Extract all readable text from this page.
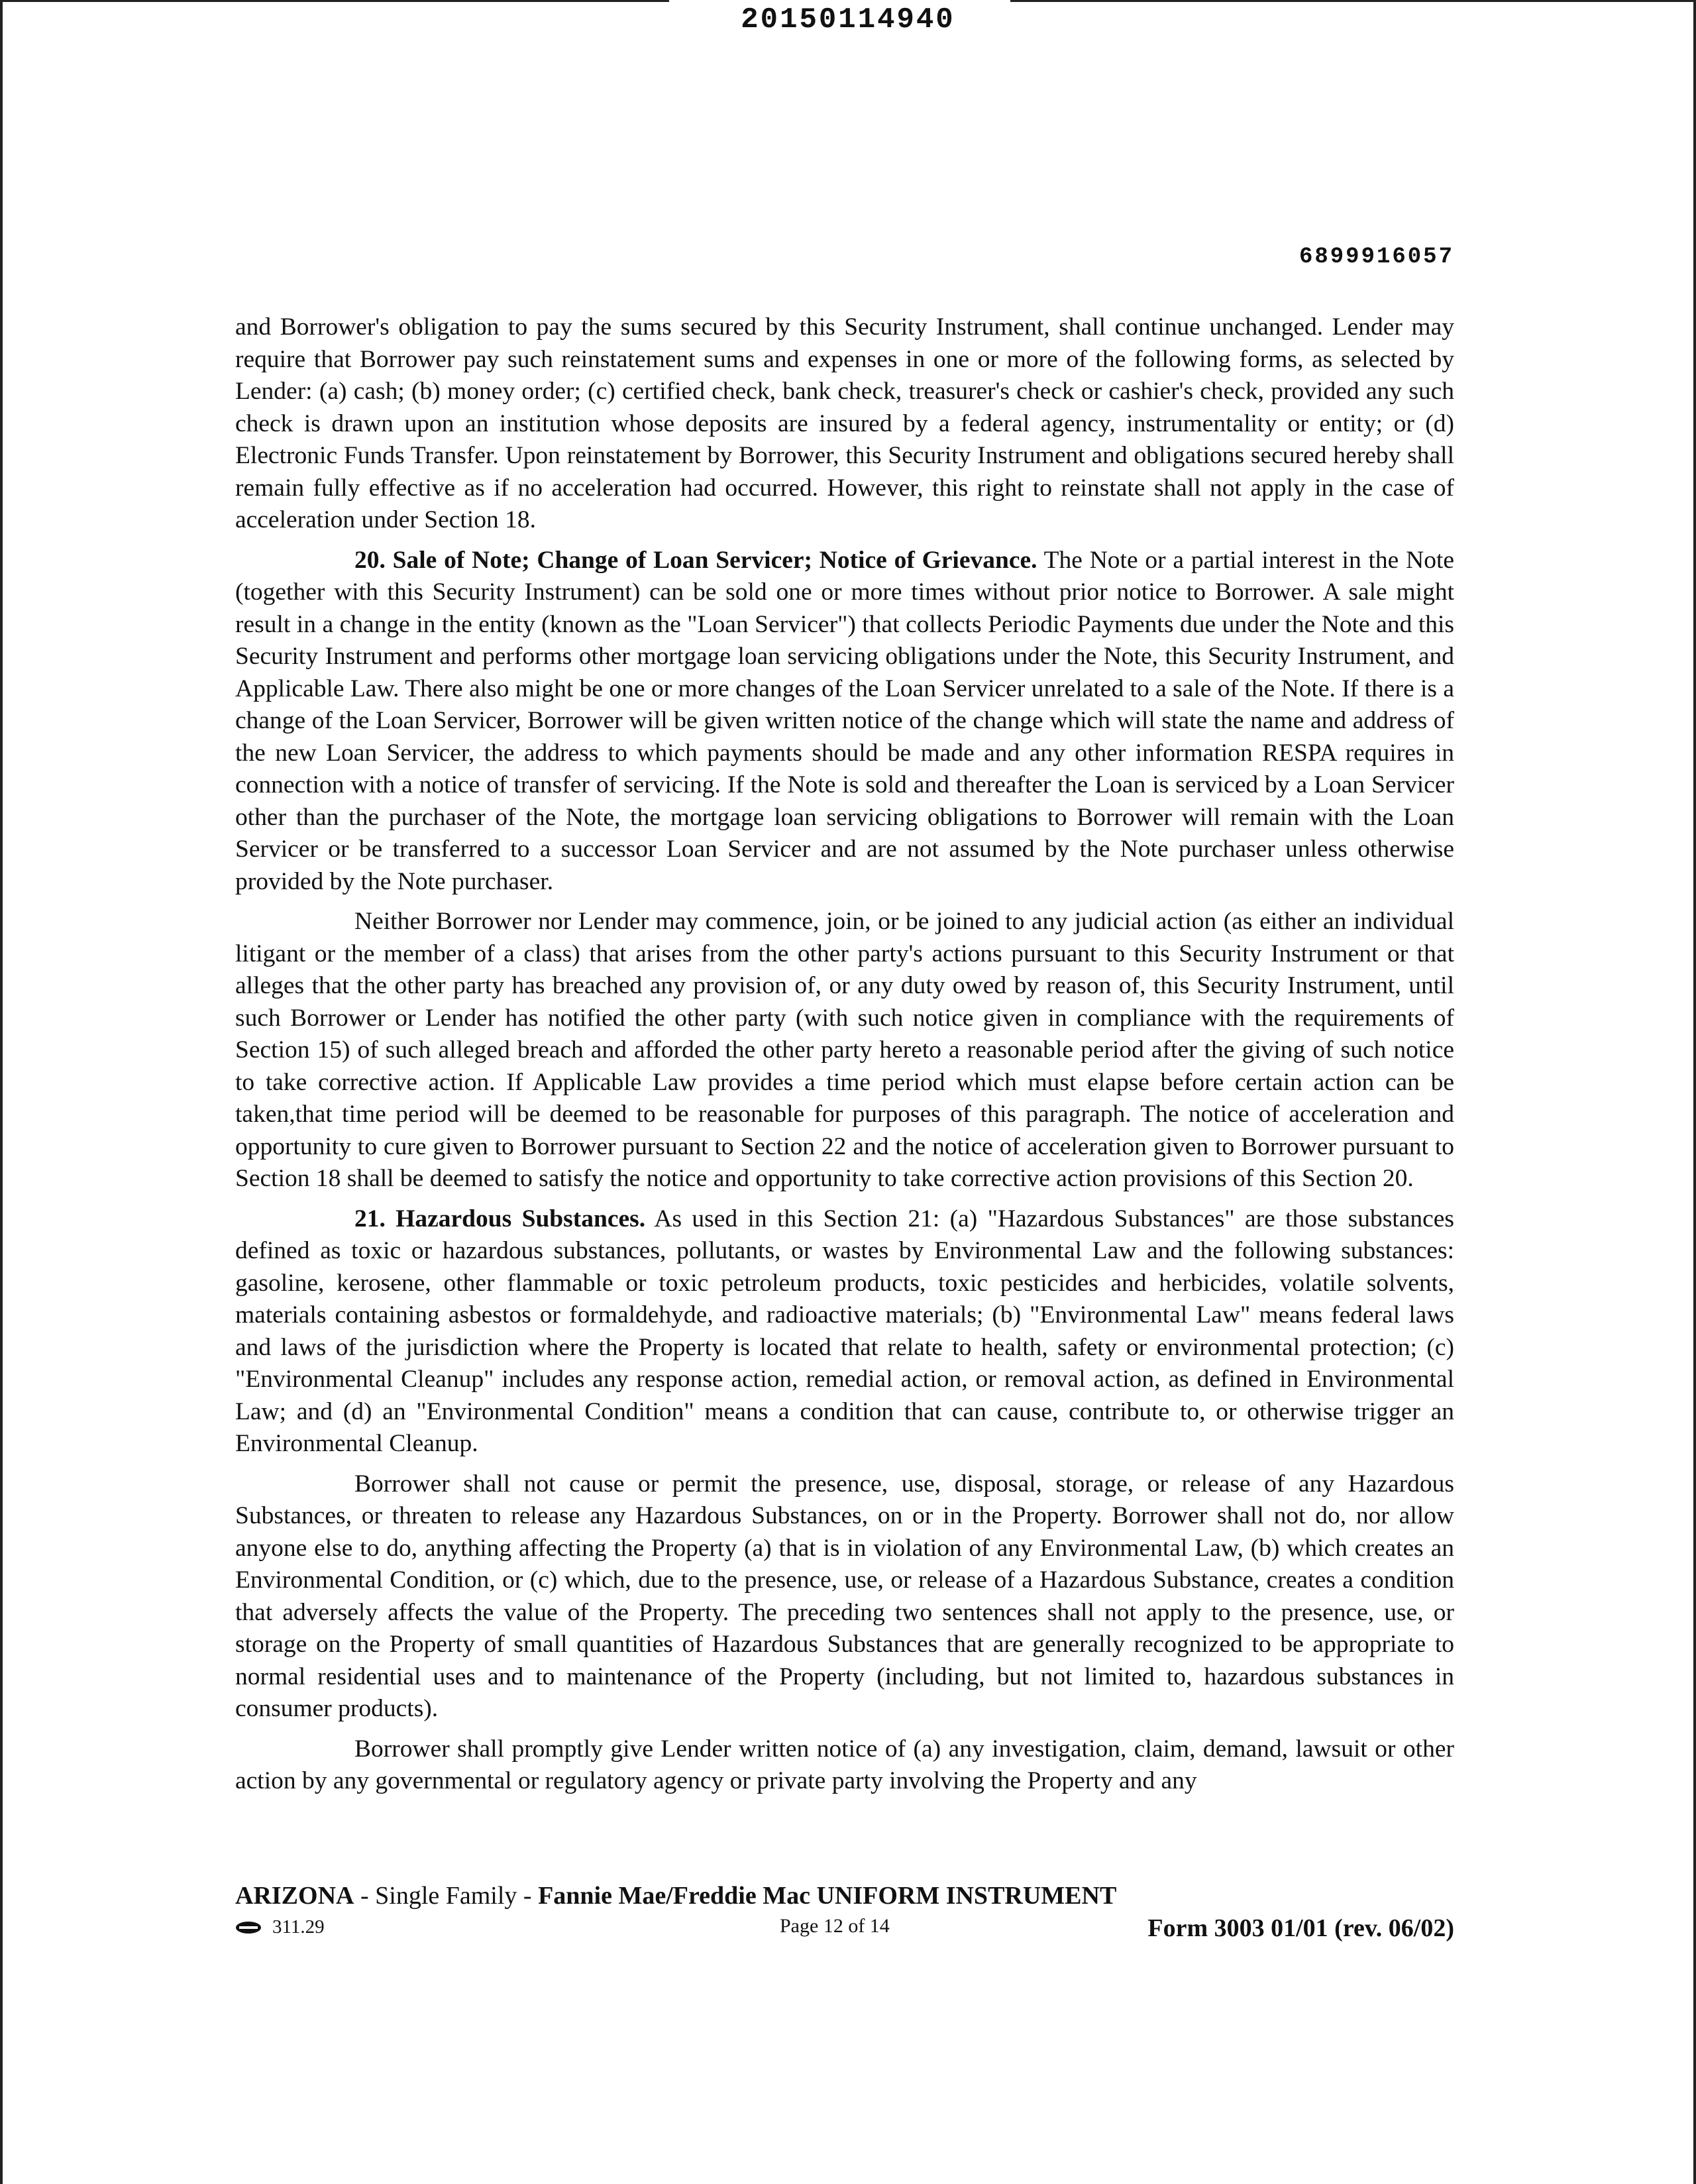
20150114940
6899916057

and Borrower's obligation to pay the sums secured by this Security Instrument, shall continue unchanged. Lender may require that Borrower pay such reinstatement sums and expenses in one or more of the following forms, as selected by Lender: (a) cash; (b) money order; (c) certified check, bank check, treasurer's check or cashier's check, provided any such check is drawn upon an institution whose deposits are insured by a federal agency, instrumentality or entity; or (d) Electronic Funds Transfer. Upon reinstatement by Borrower, this Security Instrument and obligations secured hereby shall remain fully effective as if no acceleration had occurred. However, this right to reinstate shall not apply in the case of acceleration under Section 18.

20. Sale of Note; Change of Loan Servicer; Notice of Grievance. The Note or a partial interest in the Note (together with this Security Instrument) can be sold one or more times without prior notice to Borrower. A sale might result in a change in the entity (known as the "Loan Servicer") that collects Periodic Payments due under the Note and this Security Instrument and performs other mortgage loan servicing obligations under the Note, this Security Instrument, and Applicable Law. There also might be one or more changes of the Loan Servicer unrelated to a sale of the Note. If there is a change of the Loan Servicer, Borrower will be given written notice of the change which will state the name and address of the new Loan Servicer, the address to which payments should be made and any other information RESPA requires in connection with a notice of transfer of servicing. If the Note is sold and thereafter the Loan is serviced by a Loan Servicer other than the purchaser of the Note, the mortgage loan servicing obligations to Borrower will remain with the Loan Servicer or be transferred to a successor Loan Servicer and are not assumed by the Note purchaser unless otherwise provided by the Note purchaser.

Neither Borrower nor Lender may commence, join, or be joined to any judicial action (as either an individual litigant or the member of a class) that arises from the other party's actions pursuant to this Security Instrument or that alleges that the other party has breached any provision of, or any duty owed by reason of, this Security Instrument, until such Borrower or Lender has notified the other party (with such notice given in compliance with the requirements of Section 15) of such alleged breach and afforded the other party hereto a reasonable period after the giving of such notice to take corrective action. If Applicable Law provides a time period which must elapse before certain action can be taken,that time period will be deemed to be reasonable for purposes of this paragraph. The notice of acceleration and opportunity to cure given to Borrower pursuant to Section 22 and the notice of acceleration given to Borrower pursuant to Section 18 shall be deemed to satisfy the notice and opportunity to take corrective action provisions of this Section 20.

21. Hazardous Substances. As used in this Section 21: (a) "Hazardous Substances" are those substances defined as toxic or hazardous substances, pollutants, or wastes by Environmental Law and the following substances: gasoline, kerosene, other flammable or toxic petroleum products, toxic pesticides and herbicides, volatile solvents, materials containing asbestos or formaldehyde, and radioactive materials; (b) "Environmental Law" means federal laws and laws of the jurisdiction where the Property is located that relate to health, safety or environmental protection; (c) "Environmental Cleanup" includes any response action, remedial action, or removal action, as defined in Environmental Law; and (d) an "Environmental Condition" means a condition that can cause, contribute to, or otherwise trigger an Environmental Cleanup.

Borrower shall not cause or permit the presence, use, disposal, storage, or release of any Hazardous Substances, or threaten to release any Hazardous Substances, on or in the Property. Borrower shall not do, nor allow anyone else to do, anything affecting the Property (a) that is in violation of any Environmental Law, (b) which creates an Environmental Condition, or (c) which, due to the presence, use, or release of a Hazardous Substance, creates a condition that adversely affects the value of the Property. The preceding two sentences shall not apply to the presence, use, or storage on the Property of small quantities of Hazardous Substances that are generally recognized to be appropriate to normal residential uses and to maintenance of the Property (including, but not limited to, hazardous substances in consumer products).

Borrower shall promptly give Lender written notice of (a) any investigation, claim, demand, lawsuit or other action by any governmental or regulatory agency or private party involving the Property and any

ARIZONA - Single Family - Fannie Mae/Freddie Mac UNIFORM INSTRUMENT
311.29	Page 12 of 14	Form 3003 01/01 (rev. 06/02)
